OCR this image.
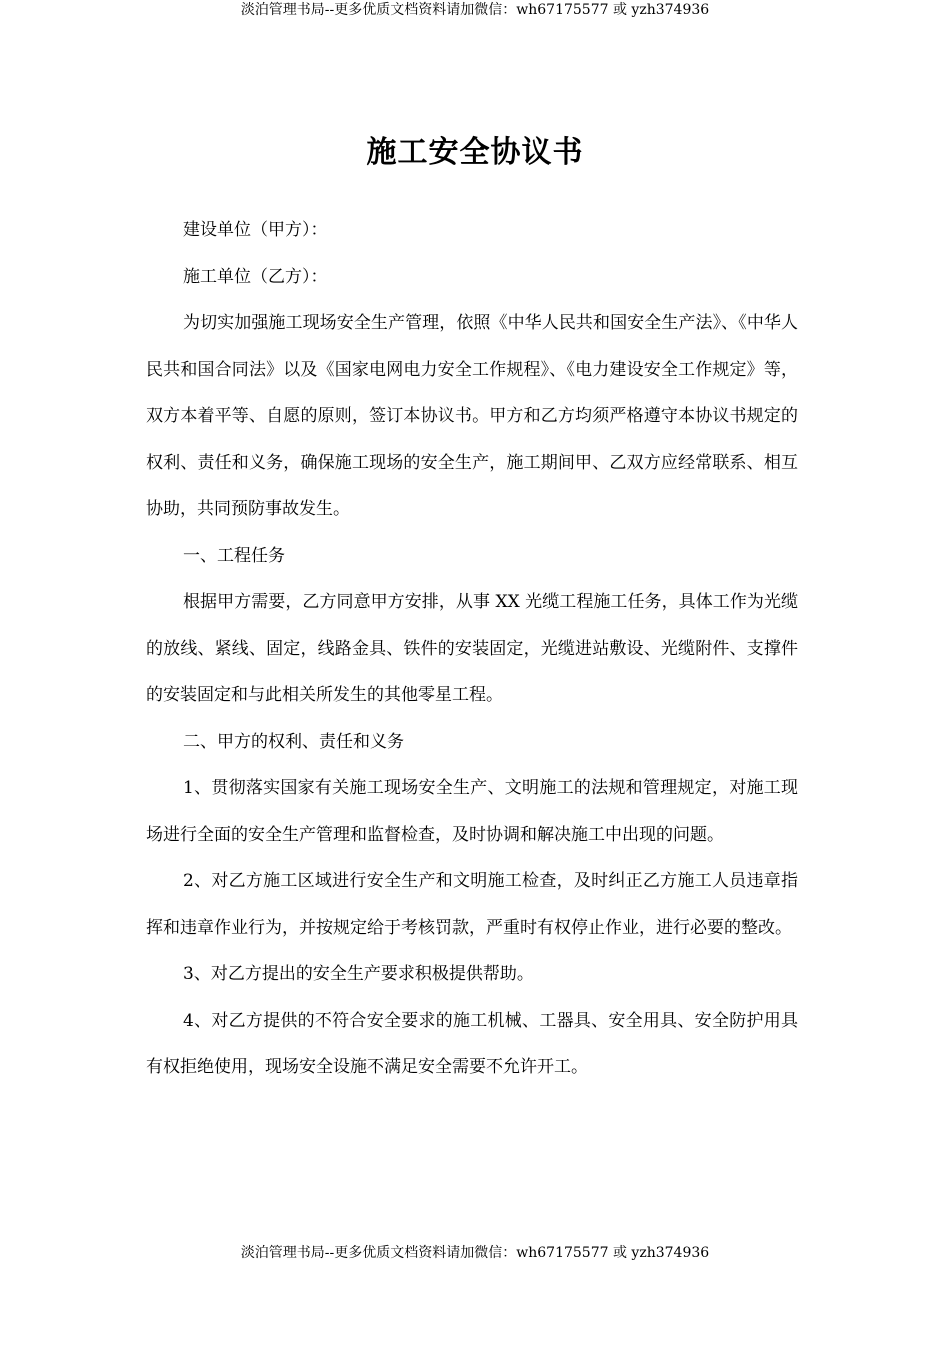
淡泊管理书局--更多优质文档资料请加微信：wh67175577 或 yzh374936
施工安全协议书

建设单位（甲方）：

施工单位（乙方）：

为切实加强施工现场安全生产管理，依照《中华人民共和国安全生产法》、《中华人民共和国合同法》以及《国家电网电力安全工作规程》、《电力建设安全工作规定》等，双方本着平等、自愿的原则，签订本协议书。甲方和乙方均须严格遵守本协议书规定的权利、责任和义务，确保施工现场的安全生产，施工期间甲、乙双方应经常联系、相互协助，共同预防事故发生。

一、工程任务

根据甲方需要，乙方同意甲方安排，从事 XX 光缆工程施工任务，具体工作为光缆的放线、紧线、固定，线路金具、铁件的安装固定，光缆进站敷设、光缆附件、支撑件的安装固定和与此相关所发生的其他零星工程。

二、甲方的权利、责任和义务

1、贯彻落实国家有关施工现场安全生产、文明施工的法规和管理规定，对施工现场进行全面的安全生产管理和监督检查，及时协调和解决施工中出现的问题。

2、对乙方施工区域进行安全生产和文明施工检查，及时纠正乙方施工人员违章指挥和违章作业行为，并按规定给于考核罚款，严重时有权停止作业，进行必要的整改。

3、对乙方提出的安全生产要求积极提供帮助。

4、对乙方提供的不符合安全要求的施工机械、工器具、安全用具、安全防护用具有权拒绝使用，现场安全设施不满足安全需要不允许开工。

淡泊管理书局--更多优质文档资料请加微信：wh67175577 或 yzh374936
